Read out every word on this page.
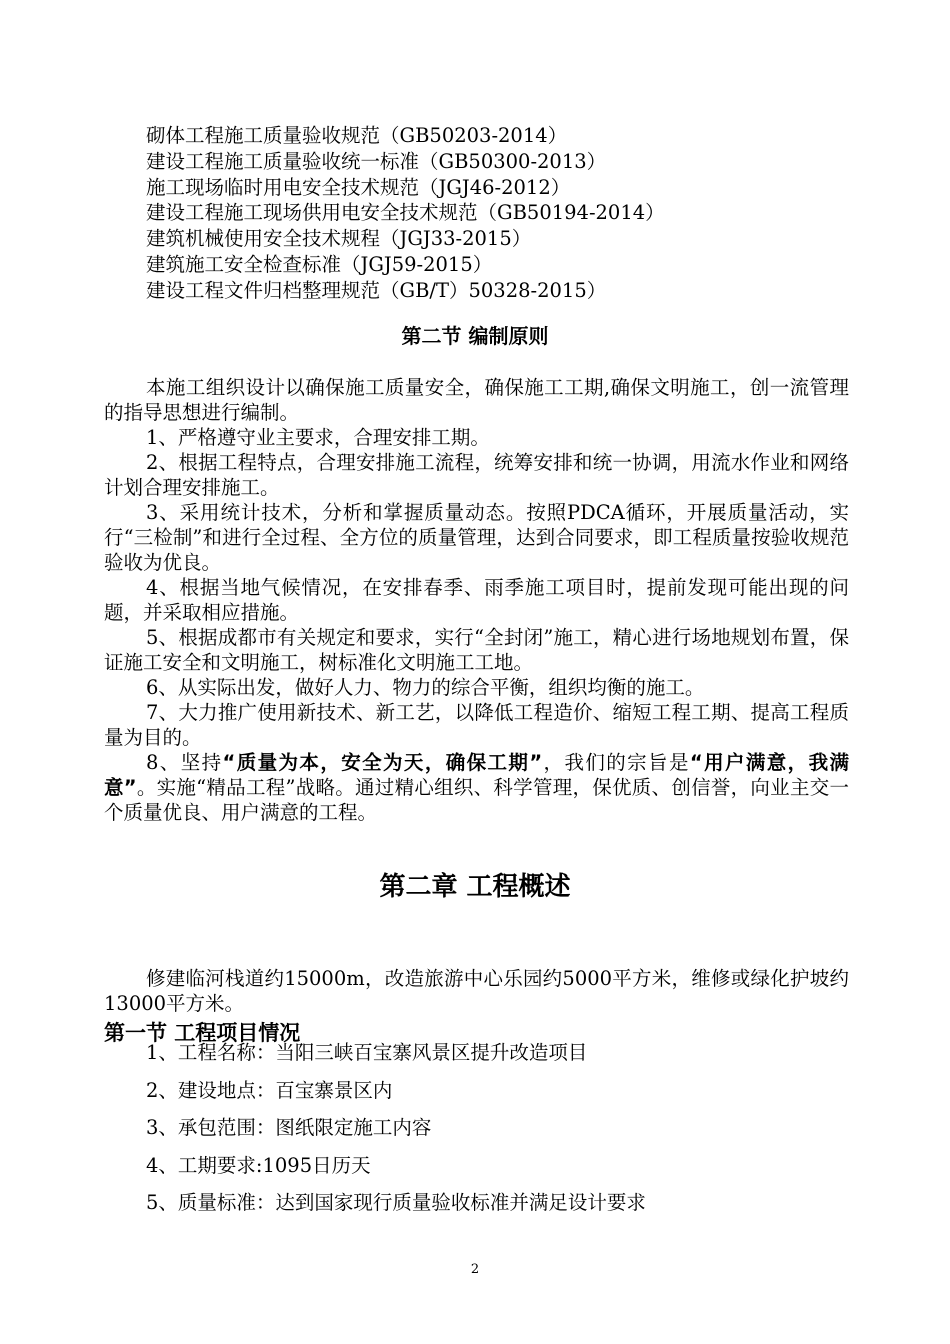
砌体工程施工质量验收规范（GB50203-2014）
建设工程施工质量验收统一标准（GB50300-2013）
施工现场临时用电安全技术规范（JGJ46-2012）
建设工程施工现场供用电安全技术规范（GB50194-2014）
建筑机械使用安全技术规程（JGJ33-2015）
建筑施工安全检查标准（JGJ59-2015）
建设工程文件归档整理规范（GB/T）50328-2015）
第二节 编制原则

本施工组织设计以确保施工质量安全，确保施工工期,确保文明施工，创一流管理的指导思想进行编制。

1、严格遵守业主要求，合理安排工期。

2、根据工程特点，合理安排施工流程，统筹安排和统一协调，用流水作业和网络计划合理安排施工。

3、采用统计技术，分析和掌握质量动态。按照PDCA循环，开展质量活动，实行“三检制”和进行全过程、全方位的质量管理，达到合同要求，即工程质量按验收规范验收为优良。

4、根据当地气候情况，在安排春季、雨季施工项目时，提前发现可能出现的问题，并采取相应措施。

5、根据成都市有关规定和要求，实行“全封闭”施工，精心进行场地规划布置，保证施工安全和文明施工，树标准化文明施工工地。

6、从实际出发，做好人力、物力的综合平衡，组织均衡的施工。

7、大力推广使用新技术、新工艺，以降低工程造价、缩短工程工期、提高工程质量为目的。

8、坚持“质量为本，安全为天，确保工期”，我们的宗旨是“用户满意，我满意”。实施“精品工程”战略。通过精心组织、科学管理，保优质、创信誉，向业主交一个质量优良、用户满意的工程。

第二章 工程概述

修建临河栈道约15000m，改造旅游中心乐园约5000平方米，维修或绿化护坡约13000平方米。

第一节 工程项目情况
1、工程名称：当阳三峡百宝寨风景区提升改造项目
2、建设地点：百宝寨景区内
3、承包范围：图纸限定施工内容
4、工期要求:1095日历天
5、质量标准：达到国家现行质量验收标准并满足设计要求
2
